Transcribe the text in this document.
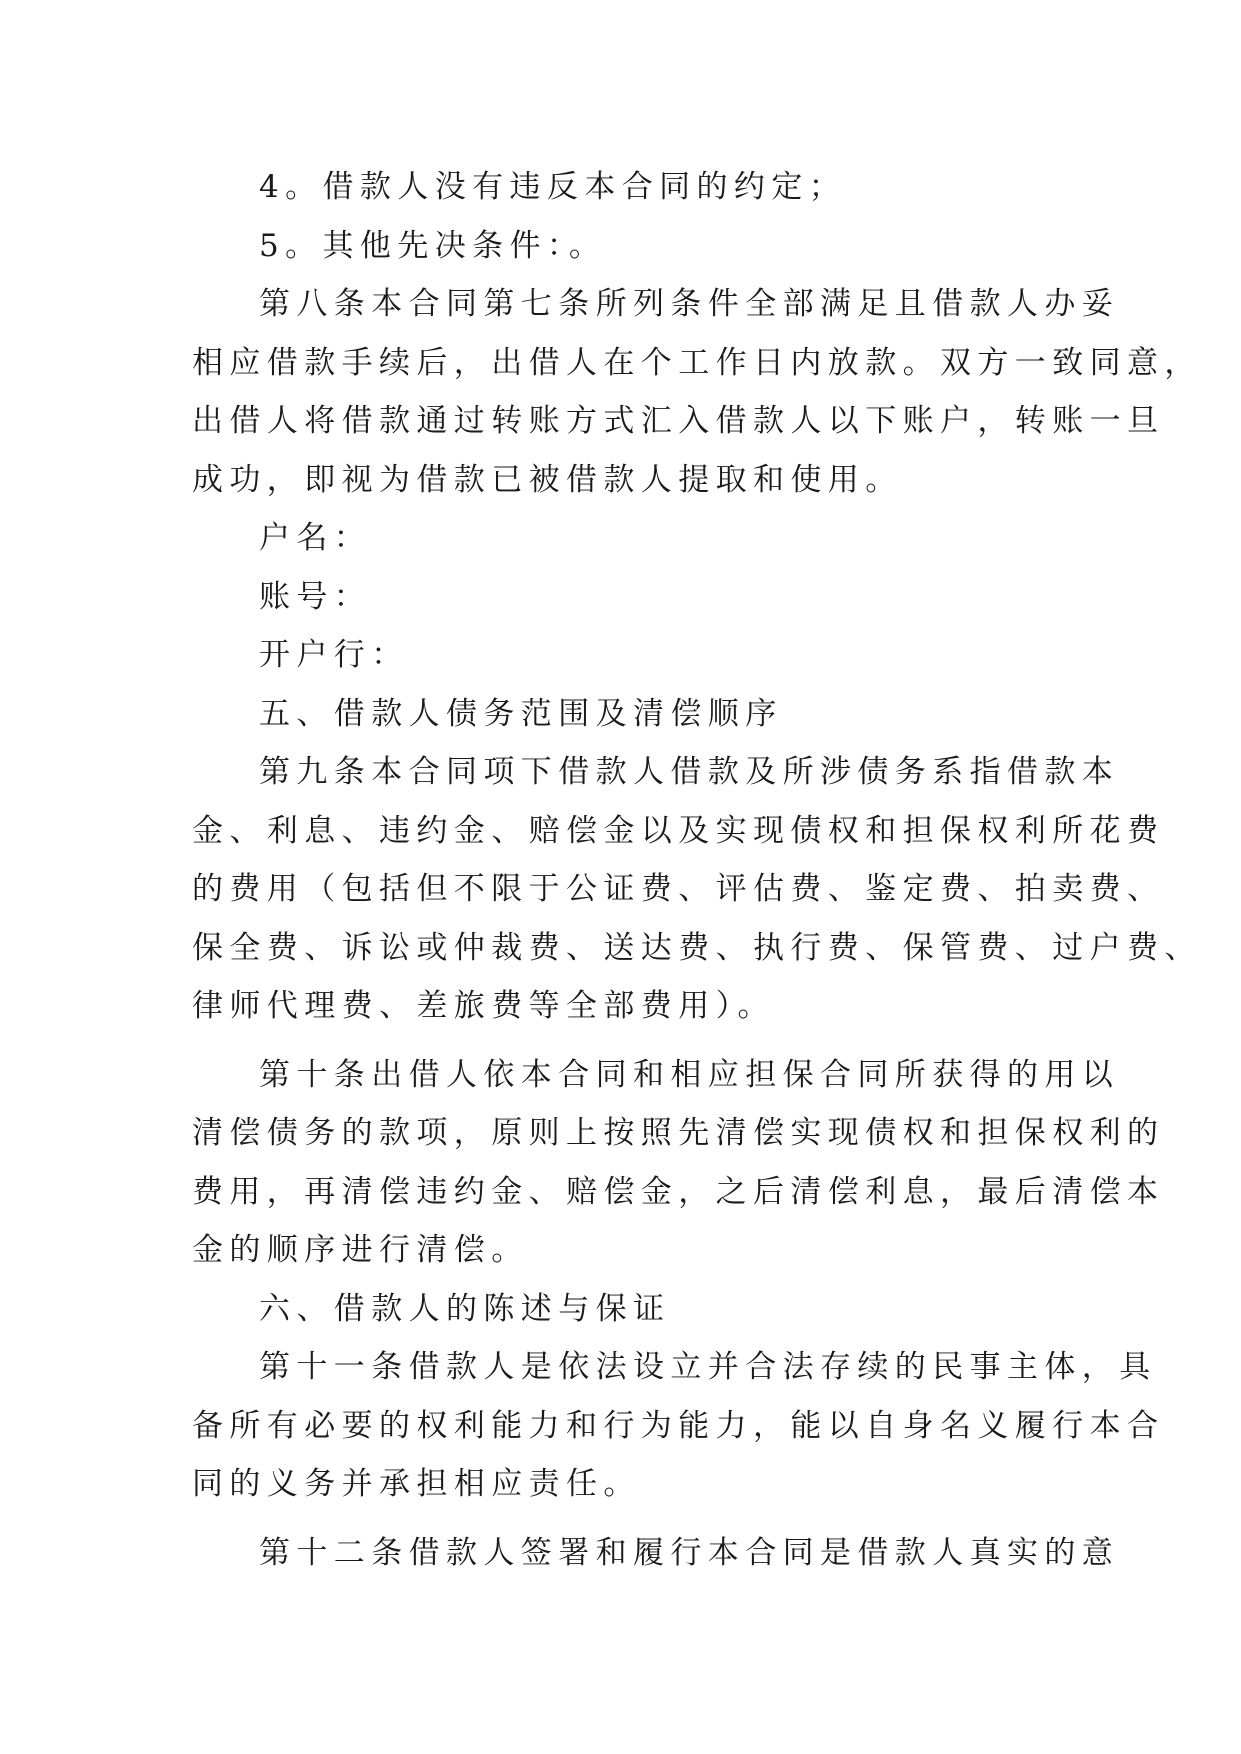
4。借款人没有违反本合同的约定；
5。其他先决条件：。
第八条本合同第七条所列条件全部满足且借款人办妥
相应借款手续后，出借人在个工作日内放款。双方一致同意，
出借人将借款通过转账方式汇入借款人以下账户，转账一旦
成功，即视为借款已被借款人提取和使用。
户名：
账号：
开户行：
五、借款人债务范围及清偿顺序
第九条本合同项下借款人借款及所涉债务系指借款本
金、利息、违约金、赔偿金以及实现债权和担保权利所花费
的费用（包括但不限于公证费、评估费、鉴定费、拍卖费、
保全费、诉讼或仲裁费、送达费、执行费、保管费、过户费、
律师代理费、差旅费等全部费用）。
第十条出借人依本合同和相应担保合同所获得的用以
清偿债务的款项，原则上按照先清偿实现债权和担保权利的
费用，再清偿违约金、赔偿金，之后清偿利息，最后清偿本
金的顺序进行清偿。
六、借款人的陈述与保证
第十一条借款人是依法设立并合法存续的民事主体，具
备所有必要的权利能力和行为能力，能以自身名义履行本合
同的义务并承担相应责任。
第十二条借款人签署和履行本合同是借款人真实的意
